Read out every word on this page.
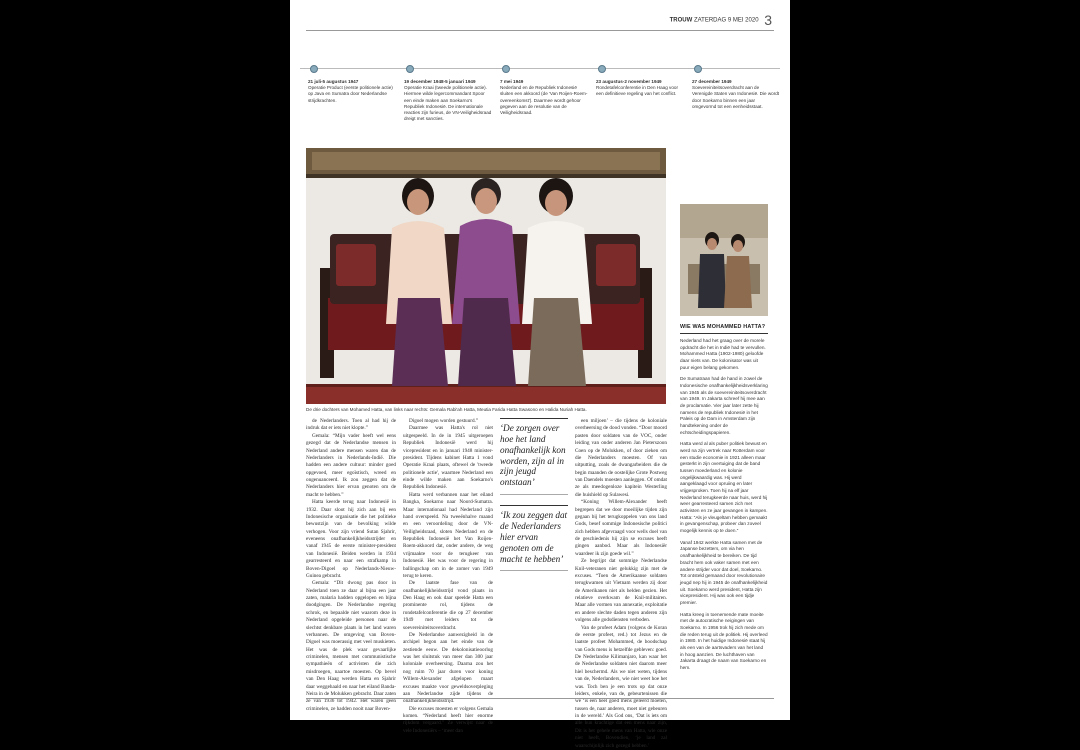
TROUW ZATERDAG 9 MEI 2020 3
21 juli-5 augustus 1947
Operatie Product (eerste politionele actie) op Java en Sumatra door Nederlandse strijdkrachten.
19 december 1948-5 januari 1949
Operatie Kraai (tweede politionele actie). Hiermee wilde legercommandant Spoor een einde maken aan Soekarno's Republiek Indonesië. De internationale reacties zijn furieus, de VN-Veiligheidsraad dreigt met sancties.
7 mei 1949
Nederland en de Republiek Indonesië sluiten een akkoord (de 'Van Roijen-Roem-overeenkomst'). Daarmee wordt gehoor gegeven aan de resolutie van de Veiligheidsraad.
23 augustus-2 november 1949
Rondetafelconferentie in Den Haag voor een definitieve regeling van het conflict.
27 december 1949
Soevereiniteitsoverdracht aan de Verenigde Staten van Indonesië. Die wordt door Soekarno binnen een jaar omgevormd tot een eenheidsstaat.
De drie dochters van Mohamed Hatta, van links naar rechts: Gemala Rabi'ah Hatta, Meutia Farida Hatta Swasono en Halida Nuriah Hatta.

de Nederlanders. Toen al had hij de indruk dat er iets niet klopte.”

Gemala: “Mijn vader heeft wel eens gezegd dat de Nederlandse mensen in Nederland andere mensen waren dan de Nederlanders in Nederlands-Indië. Die hadden een andere cultuur: minder goed opgevoed, meer egoïstisch, wreed en ongenuanceerd. Ik zou zeggen dat de Nederlanders hier ervan genoten om de macht te hebben.”

Hatta keerde terug naar Indonesië in 1932. Daar sloot hij zich aan bij een Indonesische organisatie die het politieke bewustzijn van de bevolking wilde verhogen. Voor zijn vriend Sutan Sjahrir, eveneens onafhankelijkheidsstrijder en vanaf 1945 de eerste minister-president van Indonesië. Beiden werden in 1934 gearresteerd en naar een strafkamp in Boven-Digoel op Nederlands-Nieuw-Guinea gebracht.

Gemala: “Dit dwong pas door in Nederland toen ze daar al bijna een jaar zaten, malaria hadden opgelopen en bijna doodgingen. De Nederlandse regering schrok, en bepaalde niet waarom deze in Nederland opgeleide personen naar de slechtst denkbare plaats in het land waren verbannen. De omgeving van Boven-Digoel was moerassig met veel muskieten. Het was de plek waar gevaarlijke criminelen, mensen met communistische sympathieën of activisten die zich misdroegen, naartoe moesten. Op bevel van Den Haag werden Hatta en Sjahrir daar weggehaald en naar het eiland Banda-Neira in de Molukken gebracht. Daar zaten ze van 1936 tot 1942. Het waren geen criminelen, ze hadden nooit naar Boven-

Digoel mogen worden gestuurd.”

Daarmee was Hatta's rol niet uitgespeeld. In de in 1945 uitgeroepen Republiek Indonesië werd hij vicepresident en in januari 1948 minister-president. Tijdens kabinet Hatta 1 vond Operatie Kraai plaats, oftewel de 'tweede politionele actie', waarmee Nederland een einde wilde maken aan Soekarno's Republiek Indonesië.

Hatta werd verbannen naar het eiland Bangka, Soekarno naar Noord-Sumatra. Maar internationaal had Nederland zijn hand overspeeld. Na tweeënhalve maand en een veroordeling door de VN-Veiligheidsraad, sloten Nederland en de Republiek Indonesië het Van Roijen-Roem-akkoord dat, onder andere, de weg vrijmaakte voor de terugkeer van Indonesië. Het was voor de regering in ballingschap om in de zomer van 1949 terug te keren.

De laatste fase van de onafhankelijkheidsstrijd vond plaats in Den Haag en ook daar speelde Hatta een prominente rol, tijdens de rondetafelconferentie die op 27 december 1949 met leiders tot de soevereiniteitsoverdracht.

De Nederlandse aanwezigheid in de archipel begon aan het einde van de zestiende eeuw. De dekolonisatieoorlog was het sluitstuk van meer dan 300 jaar koloniale overheersing. Daarna zou het nog ruim 70 jaar duren voor koning Willem-Alexander afgelopen maart excuses maakte voor geweldsoverpleging aan Nederlandse zijde tijdens de onafhankelijkheidsstrijd.

Die excuses moesten er volgens Gemala komen. “Nederland heeft hier enorme rijkdom vergaard.” Ze verwijst naar de vele Indonesiërs – ‘meer dan

‘De zorgen over hoe het land onafhankelijk kon worden, zijn al in zijn jeugd ontstaan’
‘Ik zou zeggen dat de Nederlanders hier ervan genoten om de macht te hebben’

een miljoen’ – die tijdens de koloniale overheersing de dood vonden. “Door moord pasten door soldaten van de VOC, onder leiding van onder anderen Jan Pieterszoon Coen op de Molukken, of door zieken om die Nederlanders moesten. Of van uitputting, zoals de dwangarbeiders die de begin maanden de oostelijke Grote Postweg van Daendels moesten aanleggen. Of omdat ze als meedogenloze kapitein Westerling die huishield op Sulawesi.

“Koning Willem-Alexander heeft begrepen dat we door moeilijke tijden zijn gegaan bij het terugkoppelen van ons land Gods, besef sommige Indonesische politici zich hebben afgevraagd voor wells doel van de geschiedenis hij zijn se excuses heeft gingen aanbod. Maar als Indonesiër waardeer ik zijn goede wil.”

Ze begrijpt dat sommige Nederlandse Knil-veteranen niet gelukkig zijn met de excuses. “Toen de Amerikaanse soldaten terugkwamen uit Vietnam werden zij door de Amerikanen niet als helden gezien. Het relatieve overkwam de Knil-militairen. Maar alle vormen van annexatie, exploitatie en andere slechte daden tegen anderen zijn volgens alle godsdiensten verboden.

Van de profeet Adam (volgens de Koran de eerste profeet, red.) tot Jezus en de laatste profeet Mohammed, de boodschap van Gods mens is hetzelfde gebleven: goed. De Nederlandse Kilimanjaro, kan waar het de Nederlandse soldaten niet daarom meer hiel beschermd. Als we niet weten, tijdens van de, Nederlanders, wie niet weet hoe het was. Toch ben je een trots op dat onze leiders, enkele, van de, gebeurtenissen die we ‘is een heel goed mens geleerd moeten, tussen de, naar anderen, moet niet gebeuren in de wereld.’ Als God ons, ‘Dat is iets om alle hun krachtige dat een mens naar zijn, Dit is het gehele mens van Hatta, wie onze niet heeft, Bovendien, ‘je land zal waarschijnlijk zich gezegd hebben.’

WIE WAS MOHAMMED HATTA?

Nederland had het graag over de morele opdracht die het in Indië had te vervullen. Mohammed Hatta (1902-1980) geloofde daar niets van. De kolonisator was uit puur eigen belang gekomen.

De Sumatraan had de hand in zowel de Indonesische onafhankelijkheidsverklaring van 1945 als de soevereiniteitsoverdracht van 1949. In Jakarta schreef hij mee aan de proclamatie. Vier jaar later zette hij namens de republiek Indonesië in het Paleis op de Dam in Amsterdam zijn handtekening onder de echtscheidingspapieren.

Hatta werd al als puber politiek bewust en werd na zijn vertrek naar Rotterdam voor een studie economie in 1921 alleen maar gesterkt in zijn overtuiging dat de band tussen moederland en kolonie ongelijkwaardig was. Hij werd aangeklaagd voor opruiing en later vrijgesproken. Toen hij na elf jaar Nederland terugkeerde naar huis, werd hij weer gearresteerd samen zich met activisten en ze jaar gevangen in kampen. Hatta: “Als je vleugeltam hebben gemaakt in gevangenschap, probeer dan zoveel mogelijk kennis op te doen.”

Vanaf 1942 werkte Hatta samen met de Japanse bezetters, om via hen onafhankelijkheid te bereiken. De tijd bracht hem ook vaker samen met een andere strijder voor dat doel, Soekarno. Tot ontsteld gemaand door revolutionaire jeugd nep hij in 1945 de onafhankelijkheid uit. Soekarno werd president, Hatta zijn vicepresident. Hij was ook een tijdje premier.

Hatta kreeg in toenemende mate moeite met de autocratische neigingen van Soekarno. In 1956 trok hij zich mede om die reden terug uit de politiek. Hij overleed in 1980. In het huidige Indonesië staat hij als een van de aartsvaders van het land in hoog aanzien. De luchthaven van Jakarta draagt de naam van Soekarno en hem.
